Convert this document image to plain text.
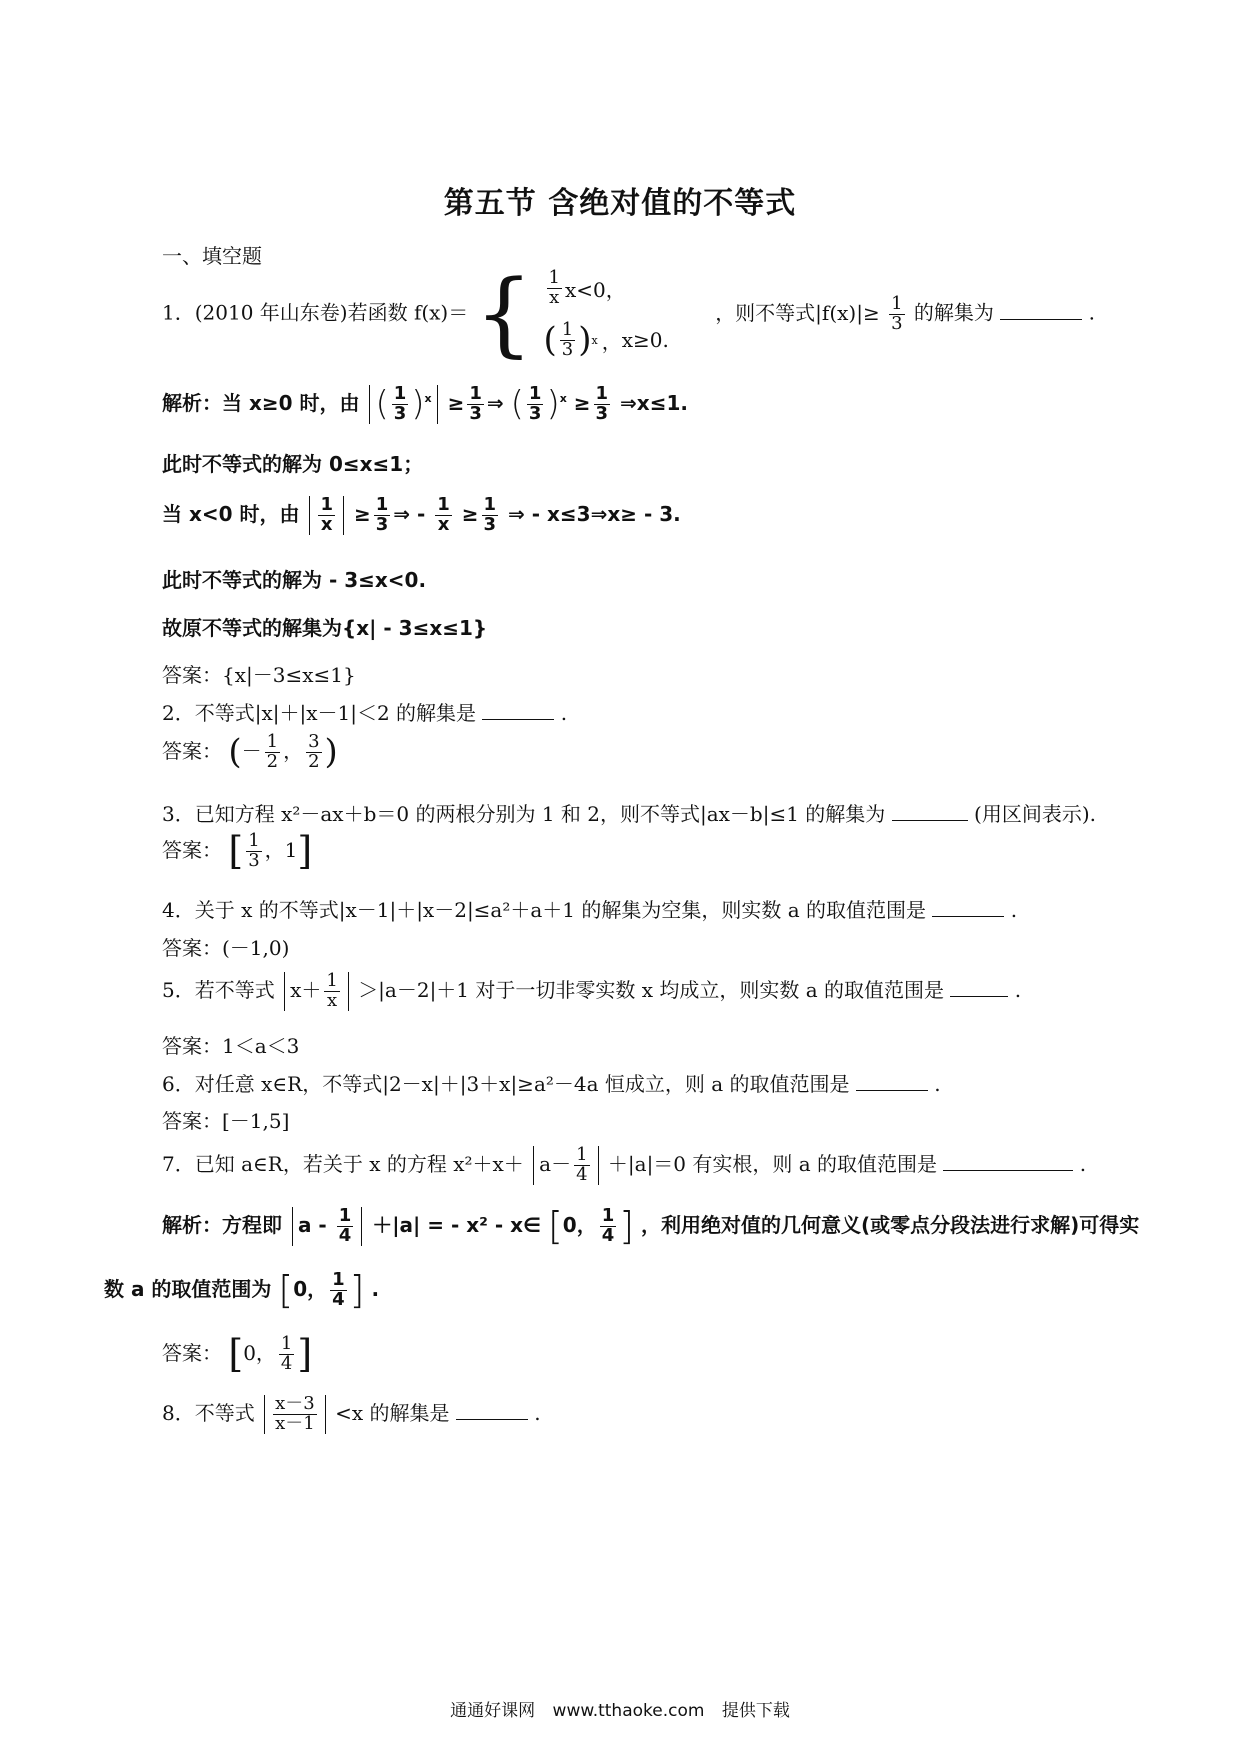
第五节 含绝对值的不等式
一、填空题
1．(2010 年山东卷)若函数 f(x)＝ { $\frac{1}{x} x<0$，
( $\frac{1}{3}$ ) x ， x≥0.
，则不等式$|f(x)|\ge \frac{1}{3}$ 的解集为	.
解析：当 x≥0 时，由 ( $\frac{1}{3} )^x \ge \frac{1}{3}$ ⇒ ( $\frac{1}{3} )^x \ge \frac{1}{3}$ ⇒x≤1.
此时不等式的解为 0≤x≤1；
当 x<0 时，由 $\frac{1}{x} \ge \frac{1}{3}$ ⇒ - $\frac{1}{x} \ge \frac{1}{3}$ ⇒ - x≤3⇒x≥ - 3.
此时不等式的解为 - 3≤x<0.
故原不等式的解集为{x| - 3≤x≤1}
答案：{x|－3≤x≤1}
2．不等式|x|＋|x－1|＜2 的解集是	.
答案： (－ $\frac{1}{2}$ ， $\frac{3}{2}$ )
3．已知方程 x²－ax＋b＝0 的两根分别为 1 和 2，则不等式|ax－b|≤1 的解集为	(用区间表示).
答案： [ $\frac{1}{3}$ ，1]
4．关于 x 的不等式|x－1|＋|x－2|≤a²＋a＋1 的解集为空集，则实数 a 的取值范围是	.
答案：(－1,0)
5．若不等式 $x+ \frac{1}{x} >|a-2|+1$ 对于一切非零实数 x 均成立，则实数 a 的取值范围是	.
答案：1＜a＜3
6．对任意 x∈R，不等式|2－x|＋|3＋x|≥a²－4a 恒成立，则 a 的取值范围是	.
答案：[－1,5]
7．已知 a∈R，若关于 x 的方程 $x^2+x+ a- \frac{1}{4} +|a|=0$ 有实根，则 a 的取值范围是	.
解析：方程即 $a - \frac{1}{4} +|a|$ = - x² - x∈ [0， $\frac{1}{4}$ ] ，利用绝对值的几何意义(或零点分段法进行求解)可得实
数 a 的取值范围为 [0， $\frac{1}{4}$ ] .
答案： [0， $\frac{1}{4}$ ]
8．不等式 $\frac{x-3}{x-1} <x$ 的解集是	.
通通好课网 www.tthaoke.com 提供下载
